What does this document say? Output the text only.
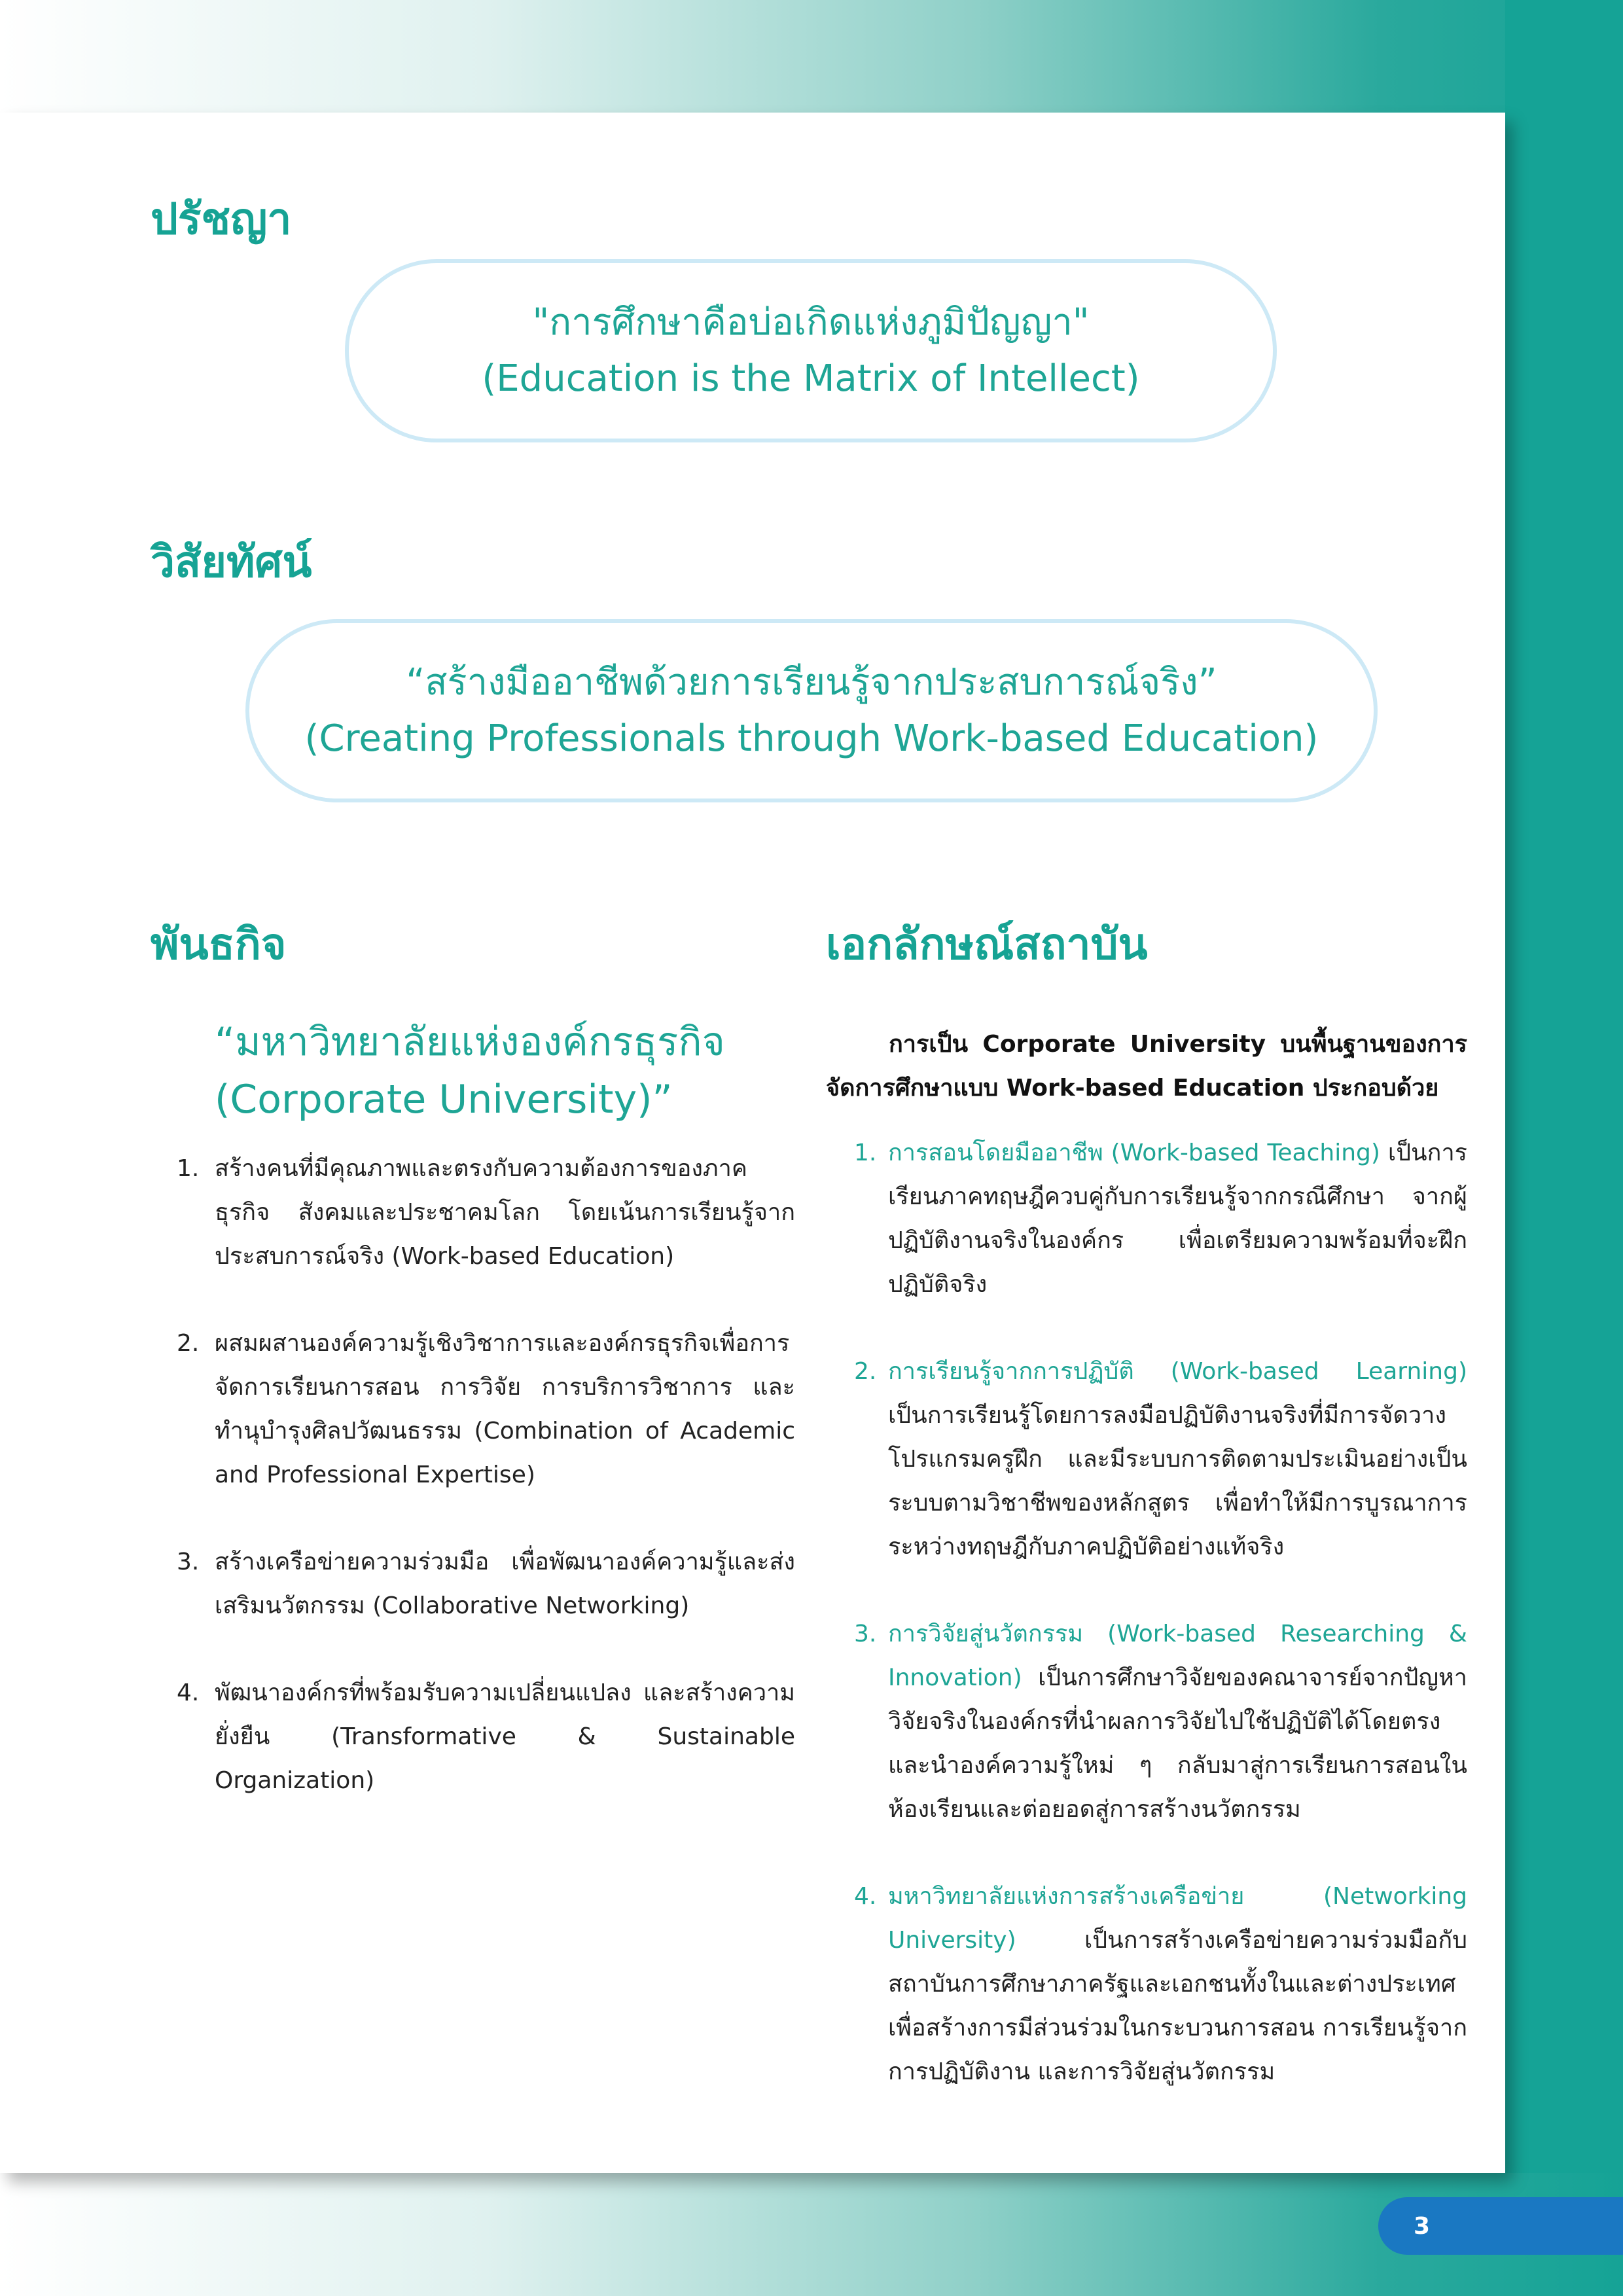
ปรัชญา
"การศึกษาคือบ่อเกิดแห่งภูมิปัญญา"
(Education is the Matrix of Intellect)
วิสัยทัศน์
“สร้างมืออาชีพด้วยการเรียนรู้จากประสบการณ์จริง”
(Creating Professionals through Work-based Education)
พันธกิจ
“มหาวิทยาลัยแห่งองค์กรธุรกิจ
(Corporate University)”
1. สร้างคนที่มีคุณภาพและตรงกับความต้องการของภาคธุรกิจ สังคมและประชาคมโลก โดยเน้นการเรียนรู้จากประสบการณ์จริง (Work-based Education)
2. ผสมผสานองค์ความรู้เชิงวิชาการและองค์กรธุรกิจเพื่อการจัดการเรียนการสอน การวิจัย การบริการวิชาการ และทำนุบำรุงศิลปวัฒนธรรม (Combination of Academic and Professional Expertise)
3. สร้างเครือข่ายความร่วมมือ เพื่อพัฒนาองค์ความรู้และส่งเสริมนวัตกรรม (Collaborative Networking)
4. พัฒนาองค์กรที่พร้อมรับความเปลี่ยนแปลง และสร้างความยั่งยืน (Transformative & Sustainable Organization)
เอกลักษณ์สถาบัน
การเป็น Corporate University บนพื้นฐานของการจัดการศึกษาแบบ Work-based Education ประกอบด้วย
1. การสอนโดยมืออาชีพ (Work-based Teaching) เป็นการเรียนภาคทฤษฎีควบคู่กับการเรียนรู้จากกรณีศึกษา จากผู้ปฏิบัติงานจริงในองค์กร เพื่อเตรียมความพร้อมที่จะฝึกปฏิบัติจริง
2. การเรียนรู้จากการปฏิบัติ (Work-based Learning) เป็นการเรียนรู้โดยการลงมือปฏิบัติงานจริงที่มีการจัดวางโปรแกรมครูฝึก และมีระบบการติดตามประเมินอย่างเป็นระบบตามวิชาชีพของหลักสูตร เพื่อทำให้มีการบูรณาการระหว่างทฤษฎีกับภาคปฏิบัติอย่างแท้จริง
3. การวิจัยสู่นวัตกรรม (Work-based Researching & Innovation) เป็นการศึกษาวิจัยของคณาจารย์จากปัญหาวิจัยจริงในองค์กรที่นำผลการวิจัยไปใช้ปฏิบัติได้โดยตรง และนำองค์ความรู้ใหม่ ๆ กลับมาสู่การเรียนการสอนในห้องเรียนและต่อยอดสู่การสร้างนวัตกรรม
4. มหาวิทยาลัยแห่งการสร้างเครือข่าย (Networking University) เป็นการสร้างเครือข่ายความร่วมมือกับสถาบันการศึกษาภาครัฐและเอกชนทั้งในและต่างประเทศ เพื่อสร้างการมีส่วนร่วมในกระบวนการสอน การเรียนรู้จากการปฏิบัติงาน และการวิจัยสู่นวัตกรรม
3
